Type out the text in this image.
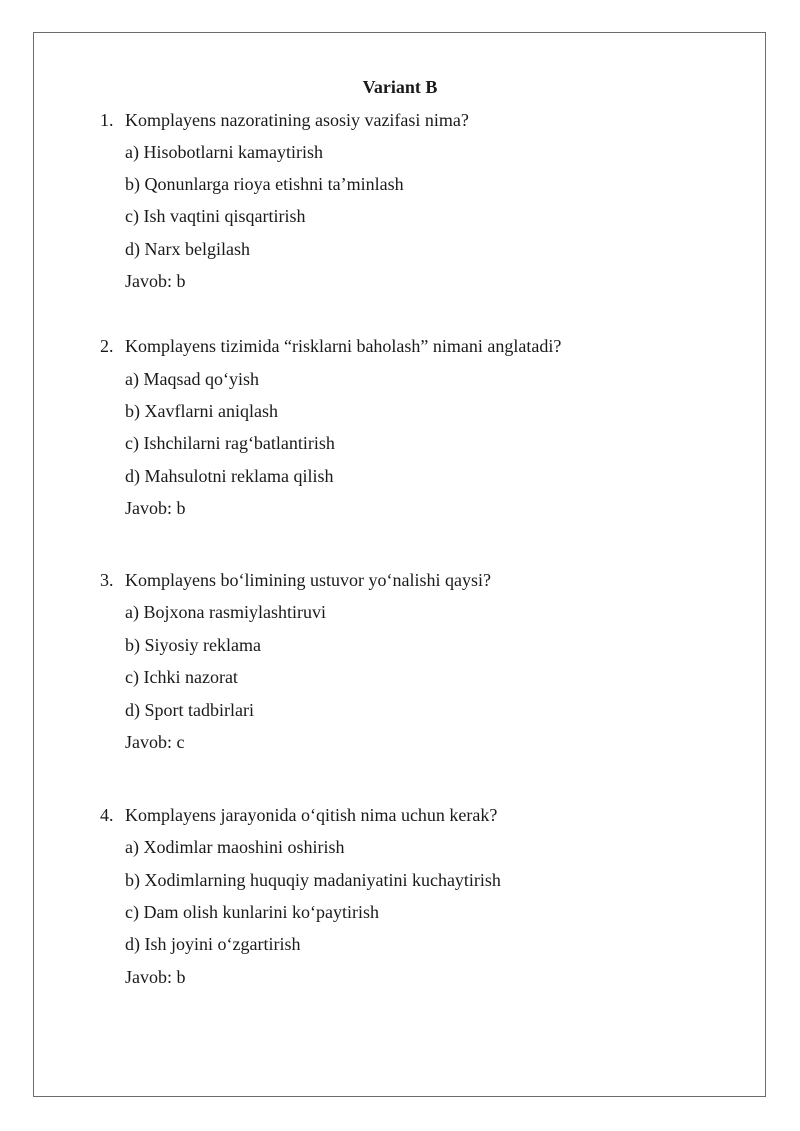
Variant B
1. Komplayens nazoratining asosiy vazifasi nima?
a) Hisobotlarni kamaytirish
b) Qonunlarga rioya etishni ta’minlash
c) Ish vaqtini qisqartirish
d) Narx belgilash
Javob: b
2. Komplayens tizimida “risklarni baholash” nimani anglatadi?
a) Maqsad qo‘yish
b) Xavflarni aniqlash
c) Ishchilarni rag‘batlantirish
d) Mahsulotni reklama qilish
Javob: b
3. Komplayens bo‘limining ustuvor yo‘nalishi qaysi?
a) Bojxona rasmiylashtiruvi
b) Siyosiy reklama
c) Ichki nazorat
d) Sport tadbirlari
Javob: c
4. Komplayens jarayonida o‘qitish nima uchun kerak?
a) Xodimlar maoshini oshirish
b) Xodimlarning huquqiy madaniyatini kuchaytirish
c) Dam olish kunlarini ko‘paytirish
d) Ish joyini o‘zgartirish
Javob: b
